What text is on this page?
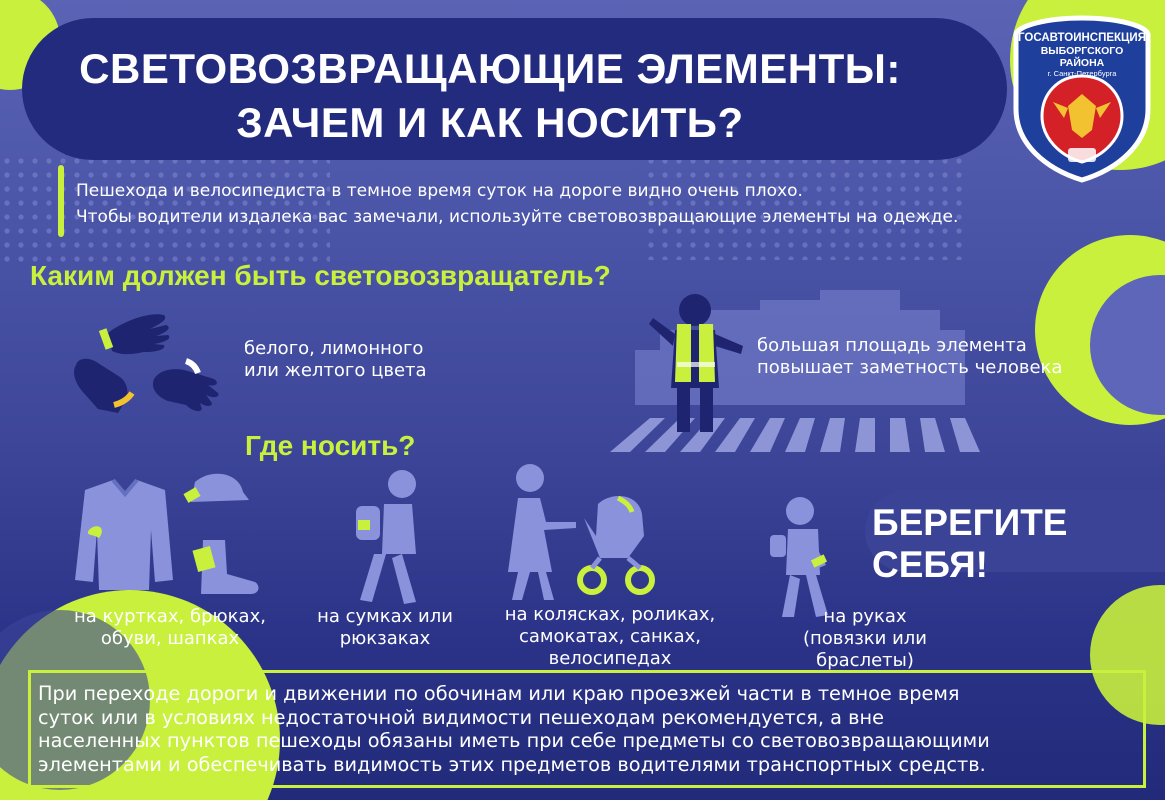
СВЕТОВОЗВРАЩАЮЩИЕ ЭЛЕМЕНТЫ:
ЗАЧЕМ И КАК НОСИТЬ?
ГОСАВТОИНСПЕКЦИЯ
ВЫБОРГСКОГО РАЙОНА
г. Санкт-Петербурга
Пешехода и велосипедиста в темное время суток на дороге видно очень плохо.
Чтобы водители издалека вас замечали, используйте световозвращающие элементы на одежде.
Каким должен быть световозвращатель?
белого, лимонного
или желтого цвета
большая площадь элемента
повышает заметность человека
Где носить?
на куртках, брюках,
обуви, шапках
на сумках или
рюкзаках
на колясках, роликах,
самокатах, санках,
велосипедах
на руках
(повязки или браслеты)
БЕРЕГИТЕ СЕБЯ!
При переходе дороги и движении по обочинам или краю проезжей части в темное время
суток или в условиях недостаточной видимости пешеходам рекомендуется, а вне
населенных пунктов пешеходы обязаны иметь при себе предметы со световозвращающими
элементами и обеспечивать видимость этих предметов водителями транспортных средств.
